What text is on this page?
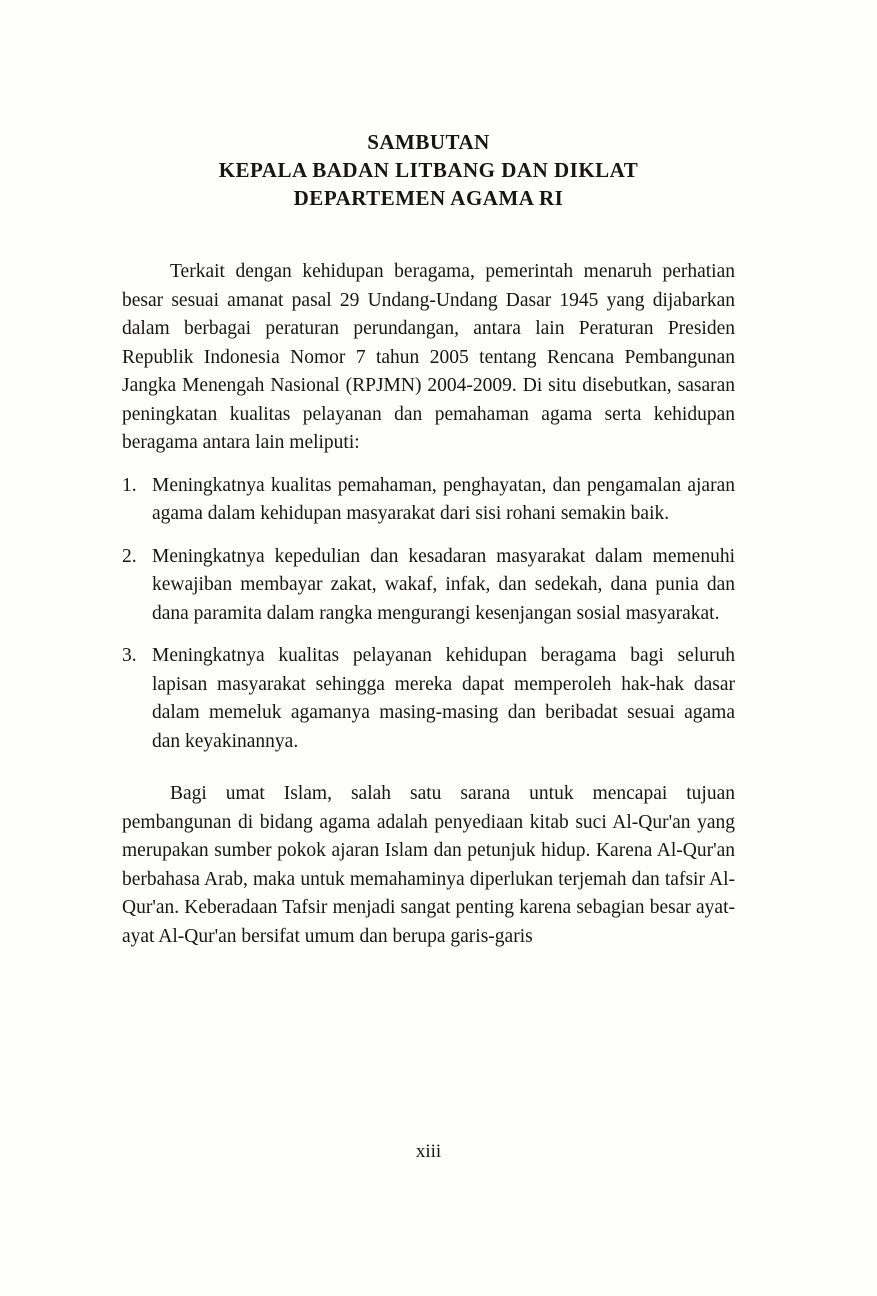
SAMBUTAN
KEPALA BADAN LITBANG DAN DIKLAT
DEPARTEMEN AGAMA RI

Terkait dengan kehidupan beragama, pemerintah menaruh perhatian besar sesuai amanat pasal 29 Undang-Undang Dasar 1945 yang dijabarkan dalam berbagai peraturan perundangan, antara lain Peraturan Presiden Republik Indonesia Nomor 7 tahun 2005 tentang Rencana Pembangunan Jangka Menengah Nasional (RPJMN) 2004-2009. Di situ disebutkan, sasaran peningkatan kualitas pelayanan dan pemahaman agama serta kehidupan beragama antara lain meliputi:

1. Meningkatnya kualitas pemahaman, penghayatan, dan pengamalan ajaran agama dalam kehidupan masyarakat dari sisi rohani semakin baik.
2. Meningkatnya kepedulian dan kesadaran masyarakat dalam memenuhi kewajiban membayar zakat, wakaf, infak, dan sedekah, dana punia dan dana paramita dalam rangka mengurangi kesenjangan sosial masyarakat.
3. Meningkatnya kualitas pelayanan kehidupan beragama bagi seluruh lapisan masyarakat sehingga mereka dapat memperoleh hak-hak dasar dalam memeluk agamanya masing-masing dan beribadat sesuai agama dan keyakinannya.

Bagi umat Islam, salah satu sarana untuk mencapai tujuan pembangunan di bidang agama adalah penyediaan kitab suci Al-Qur'an yang merupakan sumber pokok ajaran Islam dan petunjuk hidup. Karena Al-Qur'an berbahasa Arab, maka untuk memahaminya diperlukan terjemah dan tafsir Al-Qur'an. Keberadaan Tafsir menjadi sangat penting karena sebagian besar ayat-ayat Al-Qur'an bersifat umum dan berupa garis-garis

xiii
